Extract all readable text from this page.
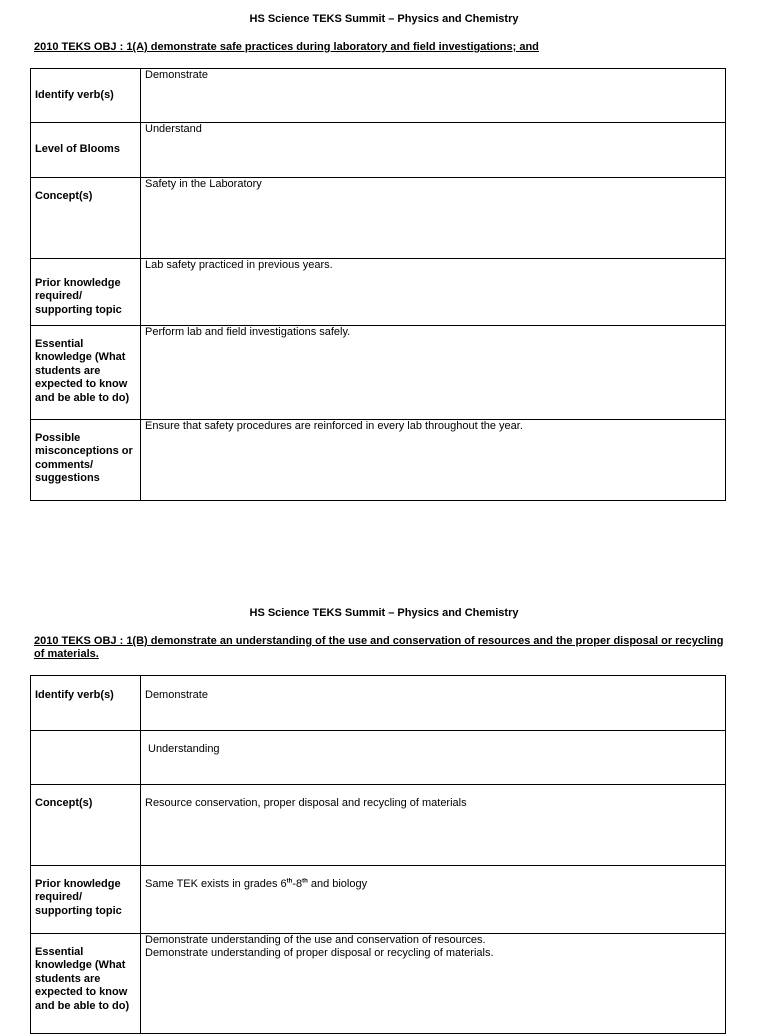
HS Science TEKS Summit – Physics and Chemistry
2010 TEKS OBJ : 1(A) demonstrate safe practices during laboratory and field investigations; and
Identify verb(s)	Demonstrate

Level of Blooms	Understand

Concept(s)	Safety in the Laboratory

Prior knowledge required/ supporting topic	Lab safety practiced in previous years.

Essential knowledge (What students are expected to know and be able to do)	Perform lab and field investigations safely.

Possible misconceptions or comments/ suggestions	Ensure that safety procedures are reinforced in every lab throughout the year.
HS Science TEKS Summit – Physics and Chemistry
2010 TEKS OBJ : 1(B) demonstrate an understanding of the use and conservation of resources and the proper disposal or recycling of materials.
Identify verb(s)	Demonstrate

	Understanding

Concept(s)	Resource conservation, proper disposal and recycling of materials

Prior knowledge required/ supporting topic	Same TEK exists in grades 6th-8th and biology

Essential knowledge (What students are expected to know and be able to do)	Demonstrate understanding of the use and conservation of resources.
Demonstrate understanding of proper disposal or recycling of materials.
